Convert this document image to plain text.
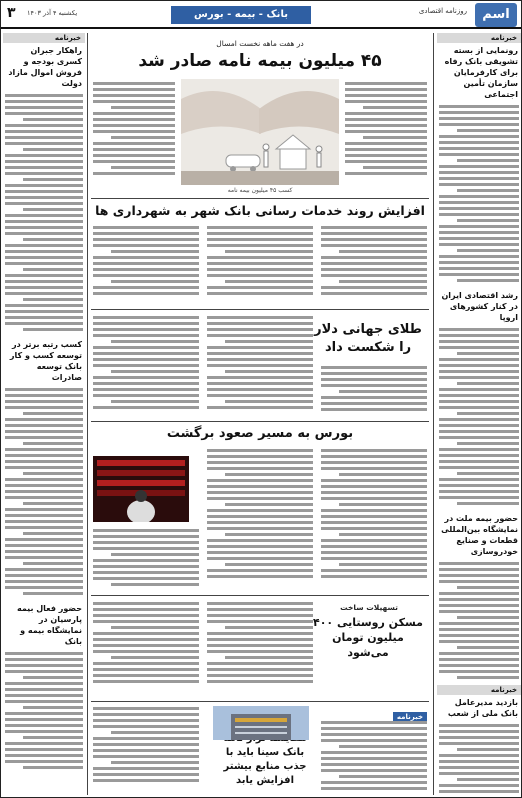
اسم
روزنامه اقتصادی
بانک - بیمه - بورس
یکشنبه ۴ آذر ۱۴۰۳
۳
خبرنامه
رونمایی از بسته تشویقی بانک رفاه برای کارفرمایان سازمان تأمین اجتماعی
رشد اقتصادی ایران در کنار کشورهای اروپا
حضور بیمه ملت در نمایشگاه بین‌المللی قطعات و صنایع خودروسازی
خبرنامه
بازدید مدیرعامل بانک ملی از شعب
خبرنامه
راهکار جبران کسری بودجه و فروش اموال مازاد دولت
کسب رتبه برتر در توسعه کسب و کار بانک توسعه صادرات
حضور فعال بیمه پارسیان در نمایشگاه بیمه و بانک
در هفت ماهه نخست امسال
۴۵ میلیون بیمه نامه صادر شد
کسب ۴۵ میلیون بیمه نامه
افزایش روند خدمات رسانی بانک شهر به شهرداری ها
طلای جهانی دلار را شکست داد
بورس به مسیر صعود برگشت
تسهیلات ساخت
مسکن روستایی ۴۰۰ میلیون تومان می‌شود
خبرنامه
بانک سینا باید با جذب منابع بیشتر افزایش یابد
